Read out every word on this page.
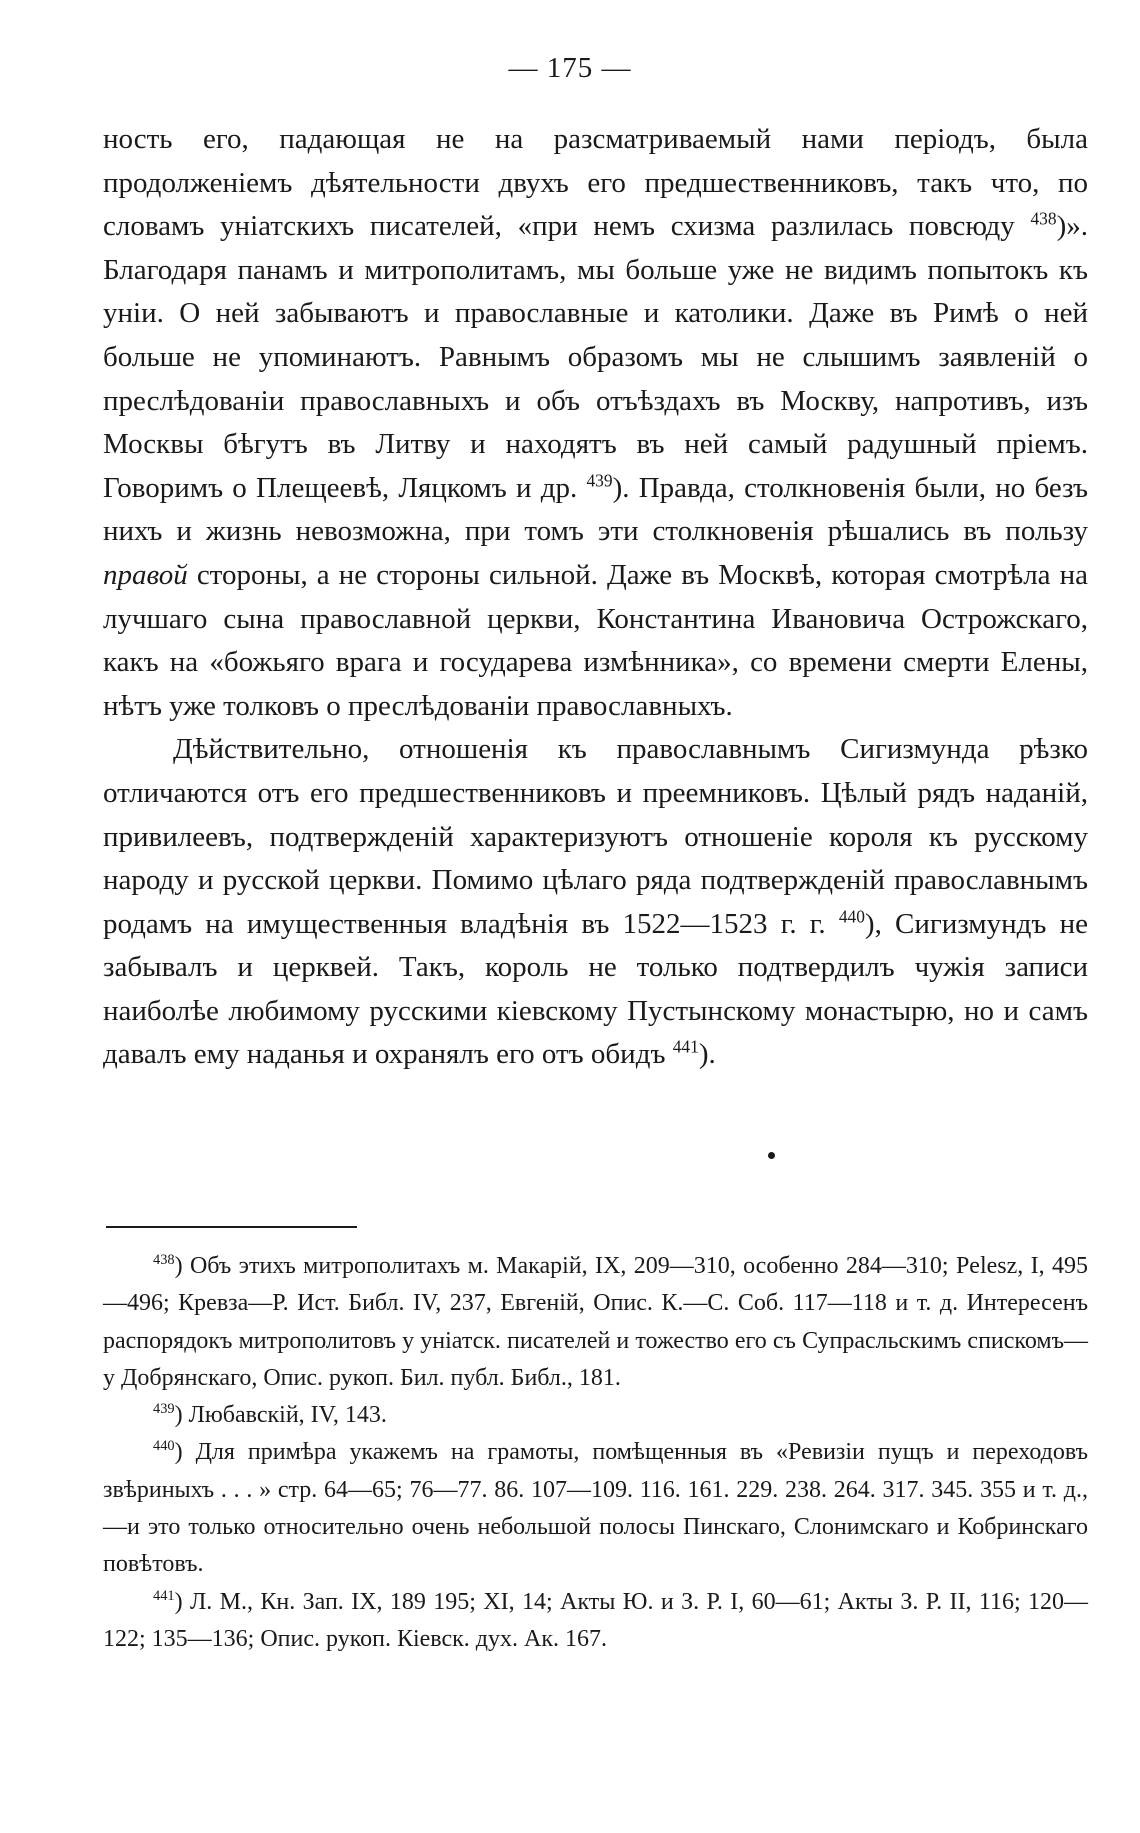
— 175 —

ность его, падающая не на разсматриваемый нами періодъ, была продолженіемъ дѣятельности двухъ его предшественниковъ, такъ что, по словамъ уніатскихъ писателей, «при немъ схизма разлилась повсюду $^{438}$)». Благодаря панамъ и митрополитамъ, мы больше уже не видимъ попытокъ къ уніи. О ней забываютъ и православные и католики. Даже въ Римѣ о ней больше не упоминаютъ. Равнымъ образомъ мы не слышимъ заявленій о преслѣдованіи православныхъ и объ отъѣздахъ въ Москву, напротивъ, изъ Москвы бѣгутъ въ Литву и находятъ въ ней самый радушный пріемъ. Говоримъ о Плещеевѣ, Ляцкомъ и др. $^{439}$). Правда, столкновенія были, но безъ нихъ и жизнь невозможна, при томъ эти столкновенія рѣшались въ пользу правой стороны, а не стороны сильной. Даже въ Москвѣ, которая смотрѣла на лучшаго сына православной церкви, Константина Ивановича Острожскаго, какъ на «божьяго врага и государева измѣнника», со времени смерти Елены, нѣтъ уже толковъ о преслѣдованіи православныхъ.

Дѣйствительно, отношенія къ православнымъ Сигизмунда рѣзко отличаются отъ его предшественниковъ и преемниковъ. Цѣлый рядъ наданій, привилеевъ, подтвержденій характеризуютъ отношеніе короля къ русскому народу и русской церкви. Помимо цѣлаго ряда подтвержденій православнымъ родамъ на имущественныя владѣнія въ 1522—1523 г. г. $^{440}$), Сигизмундъ не забывалъ и церквей. Такъ, король не только подтвердилъ чужія записи наиболѣе любимому русскими кіевскому Пустынскому монастырю, но и самъ давалъ ему наданья и охранялъ его отъ обидъ $^{441}$).

$^{438}$) Объ этихъ митрополитахъ м. Макарій, IX, 209—310, особенно 284—310; Pelesz, I, 495—496; Кревза—Р. Ист. Библ. IV, 237, Евгеній, Опис. К.—С. Соб. 117—118 и т. д. Интересенъ распорядокъ митрополитовъ у уніатск. писателей и тожество его съ Супрасльскимъ спискомъ—у Добрянскаго, Опис. рукоп. Бил. публ. Библ., 181.

$^{439}$) Любавскій, IV, 143.

$^{440}$) Для примѣра укажемъ на грамоты, помѣщенныя въ «Ревизіи пущъ и переходовъ звѣриныхъ . . . » стр. 64—65; 76—77. 86. 107—109. 116. 161. 229. 238. 264. 317. 345. 355 и т. д.,—и это только относительно очень небольшой полосы Пинскаго, Слонимскаго и Кобринскаго повѣтовъ.

$^{441}$) Л. М., Кн. Зап. IX, 189 195; XI, 14; Акты Ю. и З. Р. I, 60—61; Акты З. Р. II, 116; 120—122; 135—136; Опис. рукоп. Кіевск. дух. Ак. 167.
